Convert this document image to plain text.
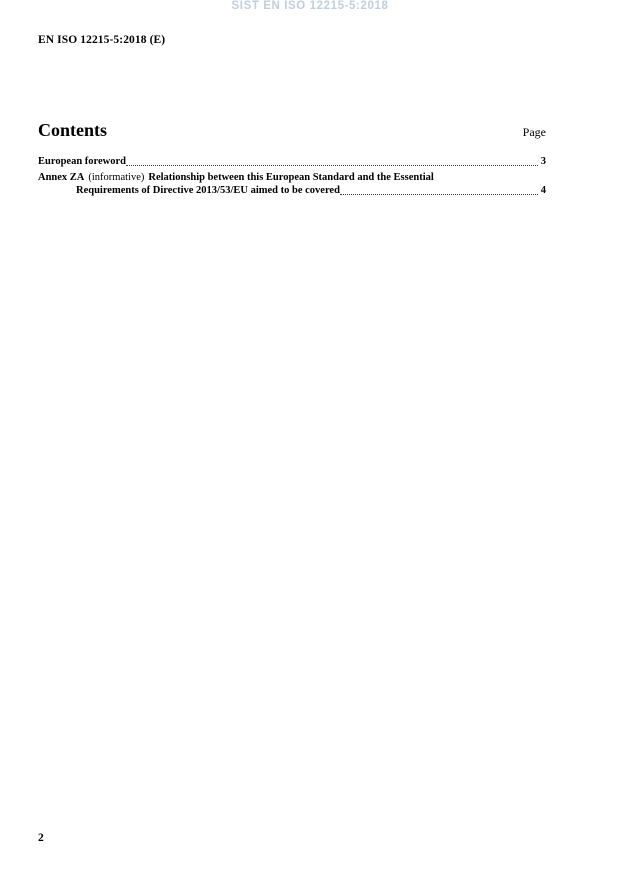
SIST EN ISO 12215-5:2018
EN ISO 12215-5:2018 (E)
Contents	Page
European foreword	3
Annex ZA (informative) Relationship between this European Standard and the Essential
Requirements of Directive 2013/53/EU aimed to be covered	4
2
